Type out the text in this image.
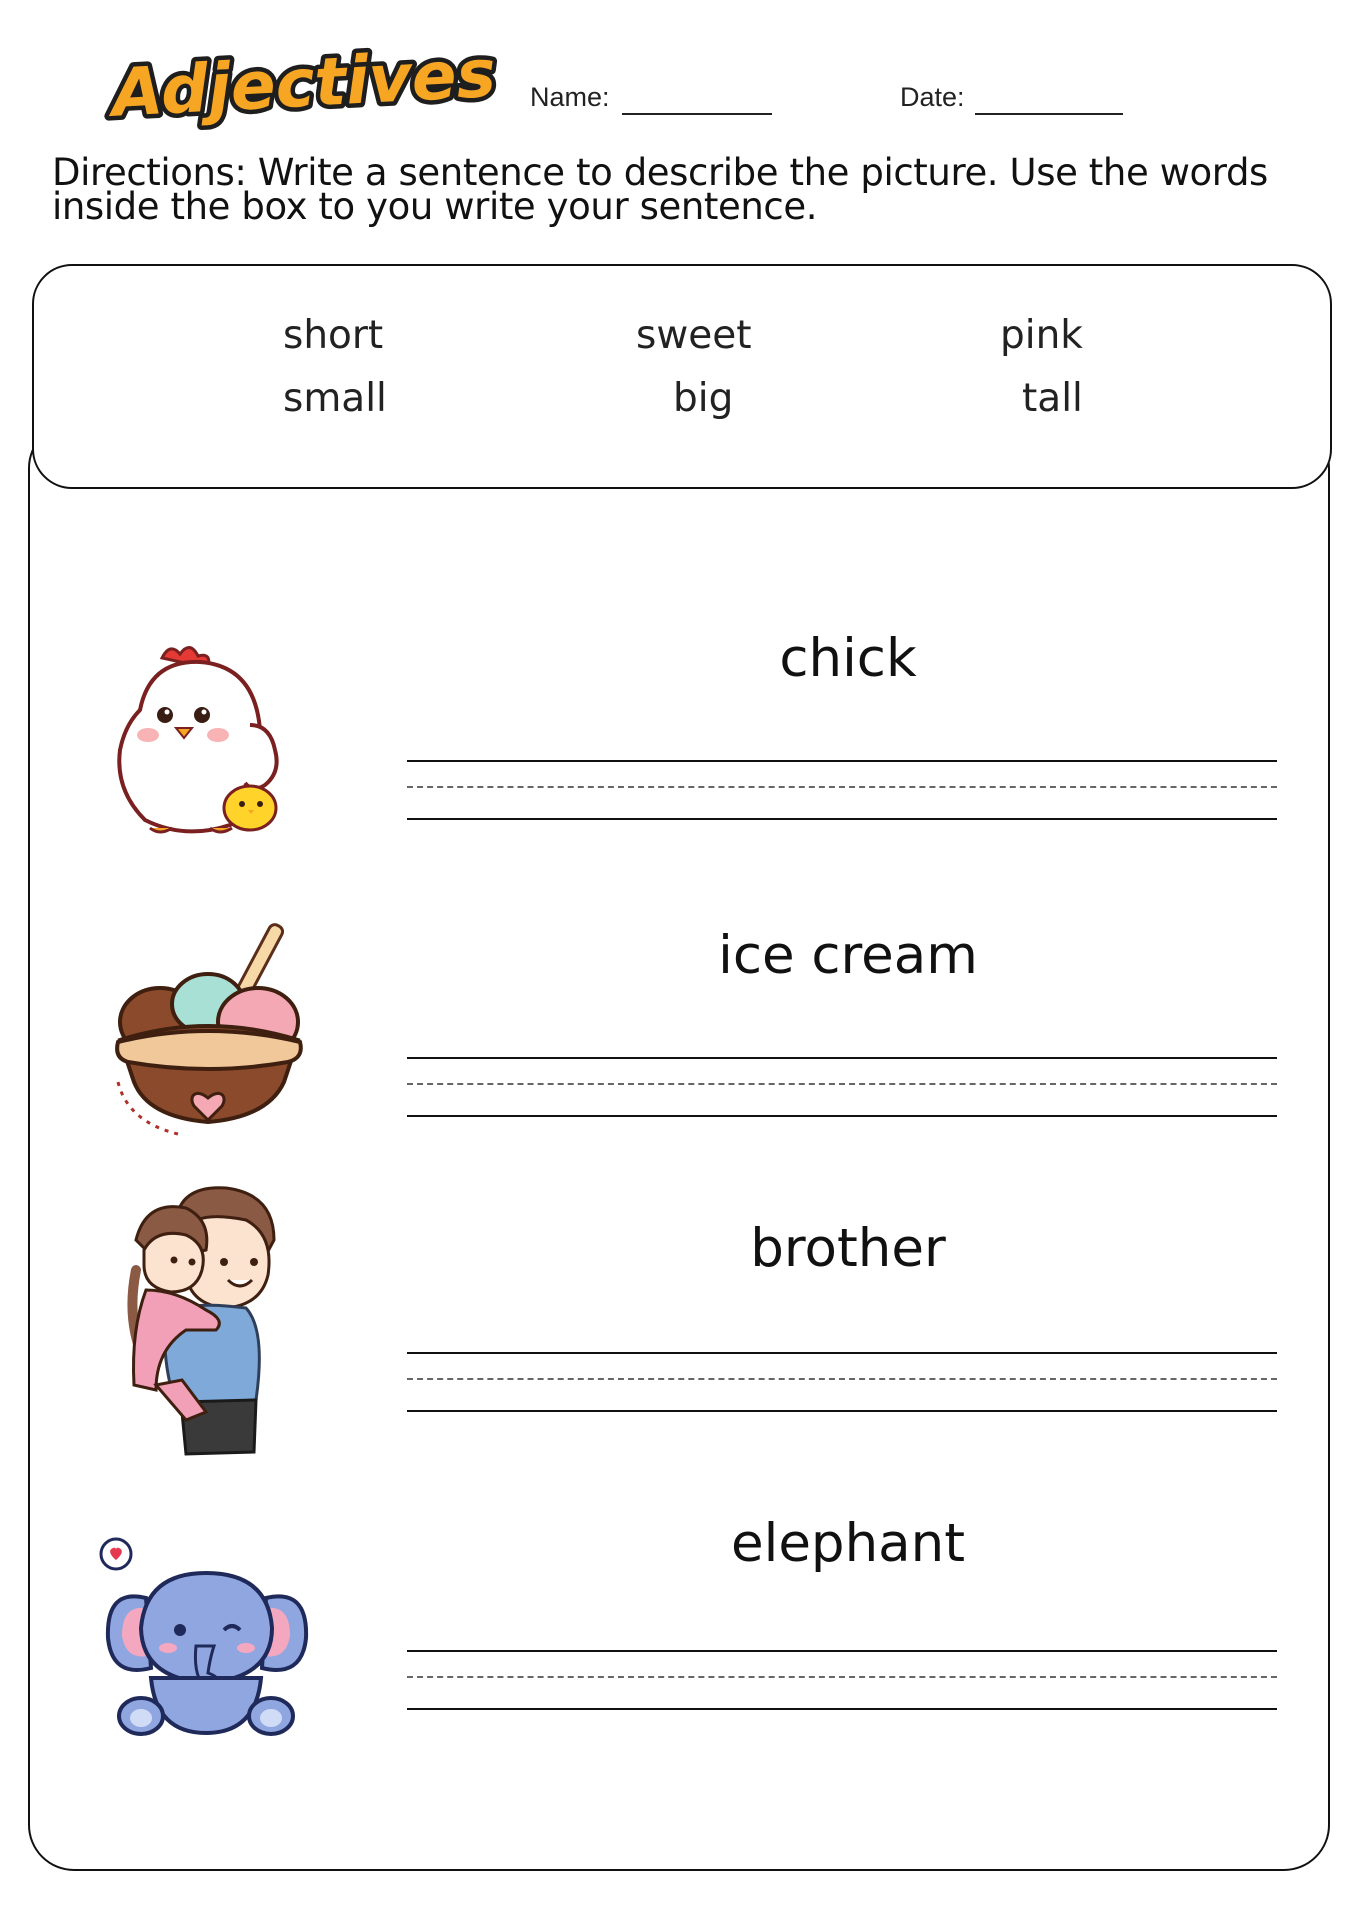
Adjectives Name:	Date:
Directions: Write a sentence to describe the picture. Use the words inside the box to you write your sentence.
short	sweet	pink
small	big	tall
chick
ice cream
brother
elephant
